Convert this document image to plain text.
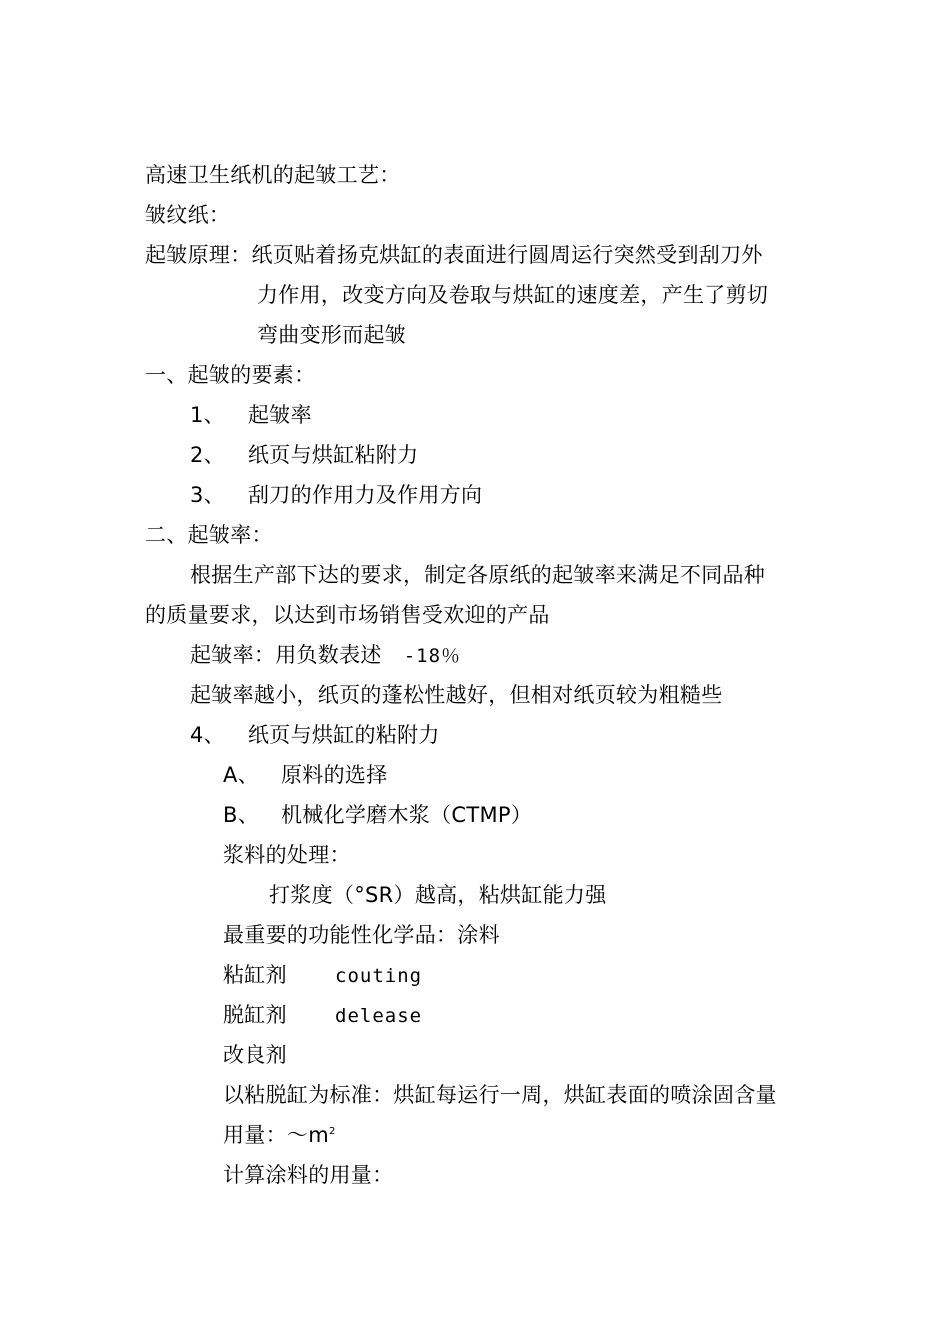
高速卫生纸机的起皱工艺：
皱纹纸：
起皱原理：纸页贴着扬克烘缸的表面进行圆周运行突然受到刮刀外
力作用，改变方向及卷取与烘缸的速度差，产生了剪切
弯曲变形而起皱
一、起皱的要素：
1、 起皱率
2、 纸页与烘缸粘附力
3、 刮刀的作用力及作用方向
二、起皱率：
根据生产部下达的要求，制定各原纸的起皱率来满足不同品种
的质量要求，以达到市场销售受欢迎的产品
起皱率：用负数表述 -18％
起皱率越小，纸页的蓬松性越好，但相对纸页较为粗糙些
4、 纸页与烘缸的粘附力
A、 原料的选择
B、 机械化学磨木浆（CTMP）
浆料的处理：
打浆度（°SR）越高，粘烘缸能力强
最重要的功能性化学品：涂料
粘缸剂	couting
脱缸剂	delease
改良剂
以粘脱缸为标准：烘缸每运行一周，烘缸表面的喷涂固含量
用量：$\sim m^2$
计算涂料的用量：
